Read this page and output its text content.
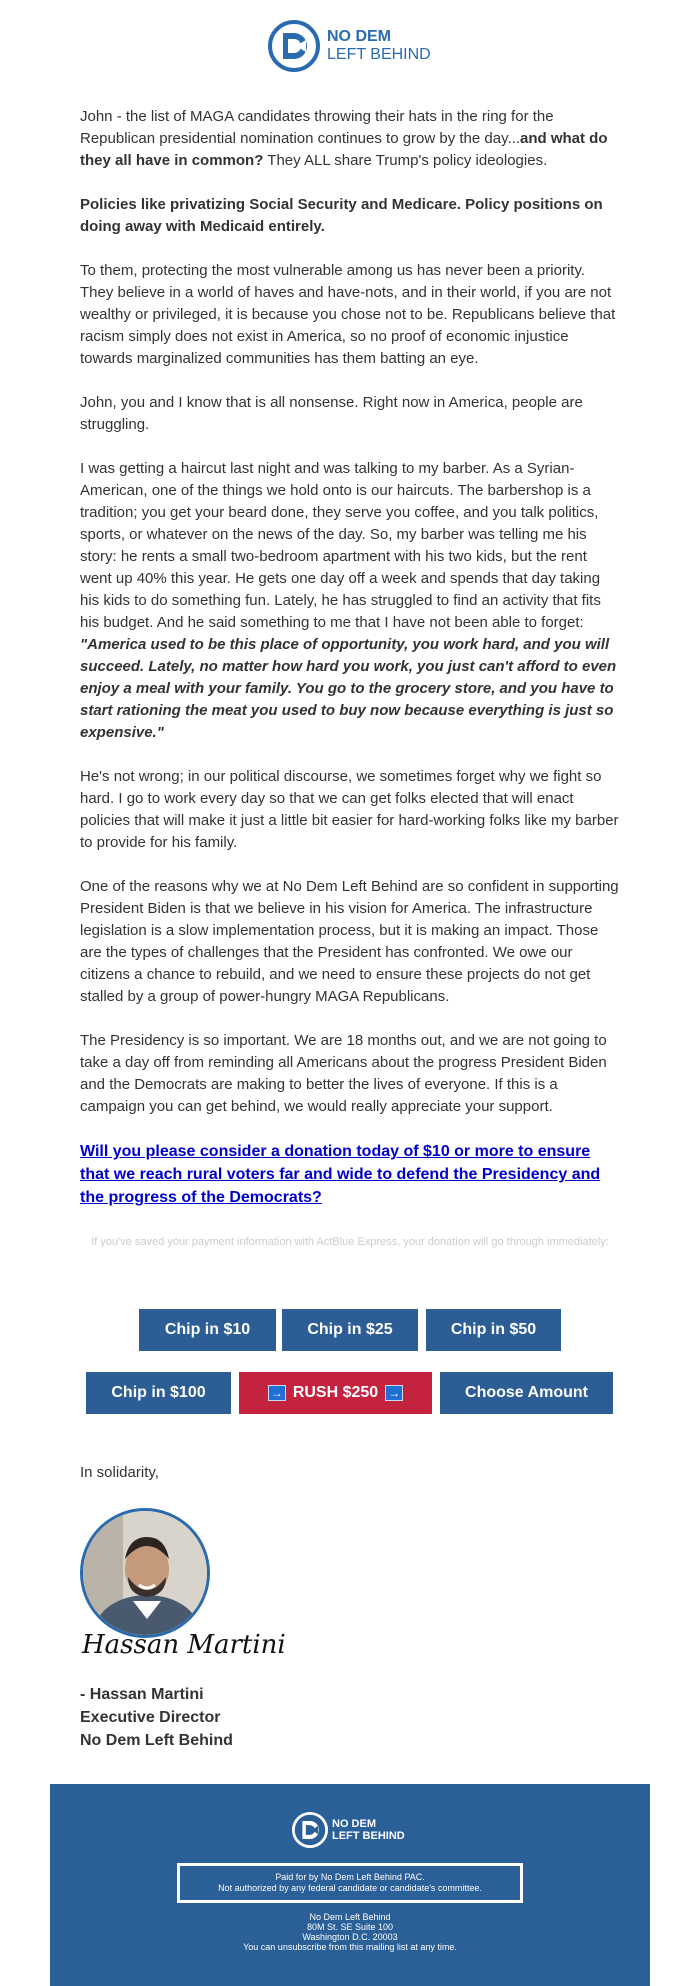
NO DEM
LEFT BEHIND

John - the list of MAGA candidates throwing their hats in the ring for the Republican presidential nomination continues to grow by the day...and what do they all have in common? They ALL share Trump's policy ideologies.

Policies like privatizing Social Security and Medicare. Policy positions on doing away with Medicaid entirely.

To them, protecting the most vulnerable among us has never been a priority. They believe in a world of haves and have-nots, and in their world, if you are not wealthy or privileged, it is because you chose not to be. Republicans believe that racism simply does not exist in America, so no proof of economic injustice towards marginalized communities has them batting an eye.

John, you and I know that is all nonsense. Right now in America, people are struggling.

I was getting a haircut last night and was talking to my barber. As a Syrian-American, one of the things we hold onto is our haircuts. The barbershop is a tradition; you get your beard done, they serve you coffee, and you talk politics, sports, or whatever on the news of the day. So, my barber was telling me his story: he rents a small two-bedroom apartment with his two kids, but the rent went up 40% this year. He gets one day off a week and spends that day taking his kids to do something fun. Lately, he has struggled to find an activity that fits his budget. And he said something to me that I have not been able to forget:

"America used to be this place of opportunity, you work hard, and you will succeed. Lately, no matter how hard you work, you just can't afford to even enjoy a meal with your family. You go to the grocery store, and you have to start rationing the meat you used to buy now because everything is just so expensive."

He's not wrong; in our political discourse, we sometimes forget why we fight so hard. I go to work every day so that we can get folks elected that will enact policies that will make it just a little bit easier for hard-working folks like my barber to provide for his family.

One of the reasons why we at No Dem Left Behind are so confident in supporting President Biden is that we believe in his vision for America. The infrastructure legislation is a slow implementation process, but it is making an impact. Those are the types of challenges that the President has confronted. We owe our citizens a chance to rebuild, and we need to ensure these projects do not get stalled by a group of power-hungry MAGA Republicans.

The Presidency is so important. We are 18 months out, and we are not going to take a day off from reminding all Americans about the progress President Biden and the Democrats are making to better the lives of everyone. If this is a campaign you can get behind, we would really appreciate your support.

Will you please consider a donation today of $10 or more to ensure that we reach rural voters far and wide to defend the Presidency and the progress of the Democrats?

If you've saved your payment information with ActBlue Express, your donation will go through immediately:
Chip in $10	Chip in $25	Chip in $50
Chip in $100	→ RUSH $250 →	Choose Amount
In solidarity,
Hassan Martini
- Hassan Martini
Executive Director
No Dem Left Behind
NO DEM
LEFT BEHIND
Paid for by No Dem Left Behind PAC.
Not authorized by any federal candidate or candidate's committee.
No Dem Left Behind
80M St. SE Suite 100
Washington D.C. 20003
You can unsubscribe from this mailing list at any time.
